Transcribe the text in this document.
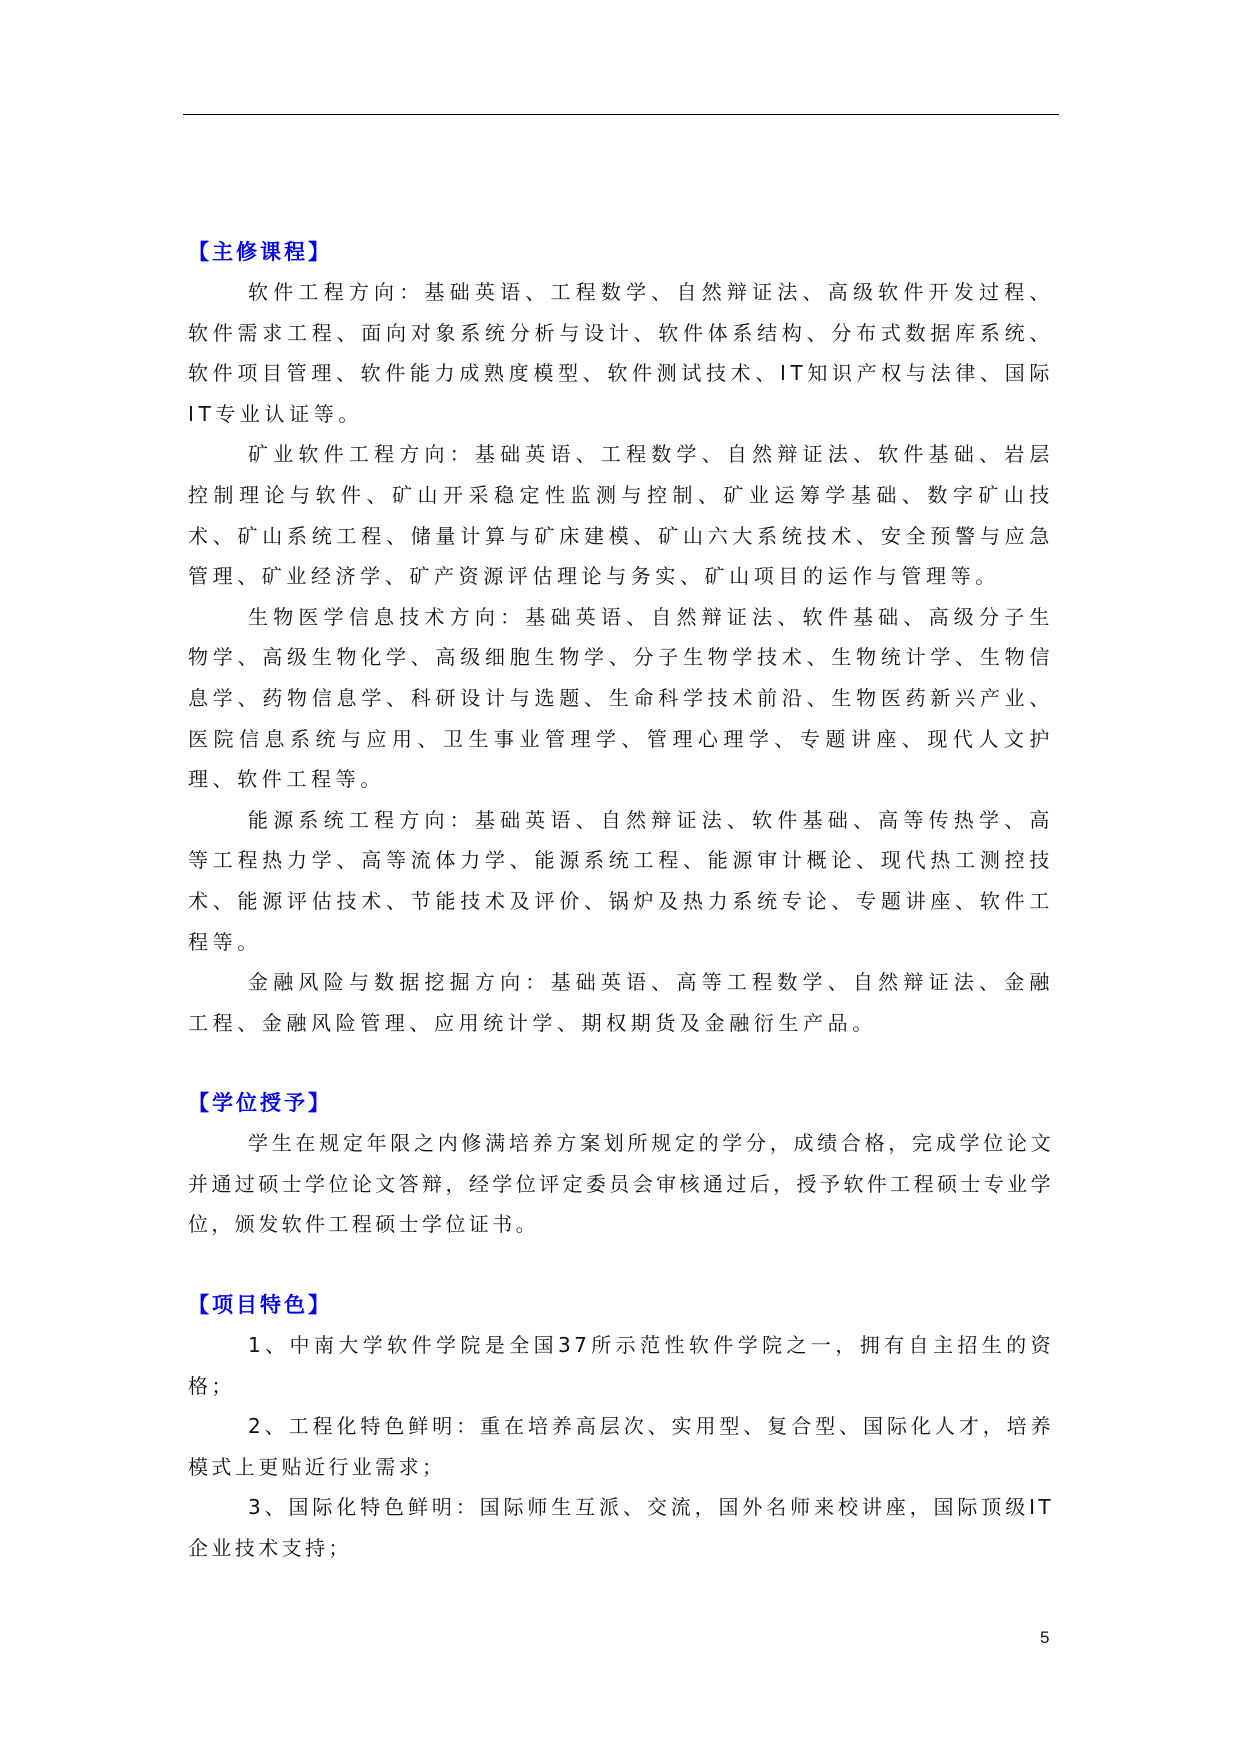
【主修课程】

软件工程方向：基础英语、工程数学、自然辩证法、高级软件开发过程、软件需求工程、面向对象系统分析与设计、软件体系结构、分布式数据库系统、软件项目管理、软件能力成熟度模型、软件测试技术、IT知识产权与法律、国际IT专业认证等。

矿业软件工程方向：基础英语、工程数学、自然辩证法、软件基础、岩层控制理论与软件、矿山开采稳定性监测与控制、矿业运筹学基础、数字矿山技术、矿山系统工程、储量计算与矿床建模、矿山六大系统技术、安全预警与应急管理、矿业经济学、矿产资源评估理论与务实、矿山项目的运作与管理等。

生物医学信息技术方向：基础英语、自然辩证法、软件基础、高级分子生物学、高级生物化学、高级细胞生物学、分子生物学技术、生物统计学、生物信息学、药物信息学、科研设计与选题、生命科学技术前沿、生物医药新兴产业、医院信息系统与应用、卫生事业管理学、管理心理学、专题讲座、现代人文护理、软件工程等。

能源系统工程方向：基础英语、自然辩证法、软件基础、高等传热学、高等工程热力学、高等流体力学、能源系统工程、能源审计概论、现代热工测控技术、能源评估技术、节能技术及评价、锅炉及热力系统专论、专题讲座、软件工程等。

金融风险与数据挖掘方向：基础英语、高等工程数学、自然辩证法、金融工程、金融风险管理、应用统计学、期权期货及金融衍生产品。

【学位授予】

学生在规定年限之内修满培养方案划所规定的学分，成绩合格，完成学位论文并通过硕士学位论文答辩，经学位评定委员会审核通过后，授予软件工程硕士专业学位，颁发软件工程硕士学位证书。

【项目特色】

1、中南大学软件学院是全国37所示范性软件学院之一，拥有自主招生的资格；

2、工程化特色鲜明：重在培养高层次、实用型、复合型、国际化人才，培养模式上更贴近行业需求；

3、国际化特色鲜明：国际师生互派、交流，国外名师来校讲座，国际顶级IT企业技术支持；

5
